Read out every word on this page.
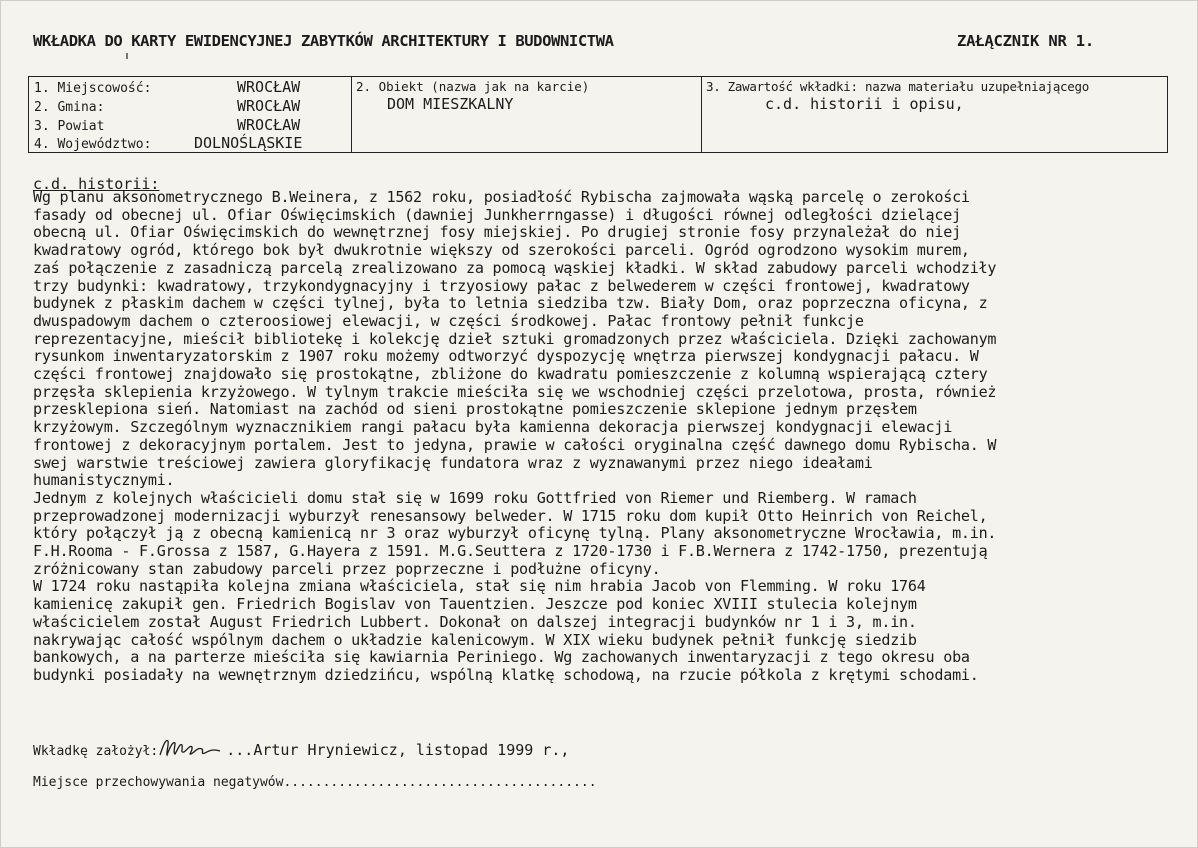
WKŁADKA DO KARTY EWIDENCYJNEJ ZABYTKÓW ARCHITEKTURY I BUDOWNICTWA	ZAŁĄCZNIK NR 1.
1. Miejscowość:	WROCŁAW
2. Gmina:	WROCŁAW
3. Powiat	WROCŁAW
4. Województwo:	DOLNOŚLĄSKIE
2. Obiekt (nazwa jak na karcie)
DOM MIESZKALNY
3. Zawartość wkładki: nazwa materiału uzupełniającego
c.d. historii i opisu,
c.d. historii:
Wg planu aksonometrycznego B.Weinera, z 1562 roku, posiadłość Rybischa zajmowała wąską parcelę o zerokości
fasady od obecnej ul. Ofiar Oświęcimskich (dawniej Junkherrngasse) i długości równej odległości dzielącej
obecną ul. Ofiar Oświęcimskich do wewnętrznej fosy miejskiej. Po drugiej stronie fosy przynależał do niej
kwadratowy ogród, którego bok był dwukrotnie większy od szerokości parceli. Ogród ogrodzono wysokim murem,
zaś połączenie z zasadniczą parcelą zrealizowano za pomocą wąskiej kładki. W skład zabudowy parceli wchodziły
trzy budynki: kwadratowy, trzykondygnacyjny i trzyosiowy pałac z belwederem w części frontowej, kwadratowy
budynek z płaskim dachem w części tylnej, była to letnia siedziba tzw. Biały Dom, oraz poprzeczna oficyna, z
dwuspadowym dachem o czteroosiowej elewacji, w części środkowej. Pałac frontowy pełnił funkcje
reprezentacyjne, mieścił bibliotekę i kolekcję dzieł sztuki gromadzonych przez właściciela. Dzięki zachowanym
rysunkom inwentaryzatorskim z 1907 roku możemy odtworzyć dyspozycję wnętrza pierwszej kondygnacji pałacu. W
części frontowej znajdowało się prostokątne, zbliżone do kwadratu pomieszczenie z kolumną wspierającą cztery
przęsła sklepienia krzyżowego. W tylnym trakcie mieściła się we wschodniej części przelotowa, prosta, również
przesklepiona sień. Natomiast na zachód od sieni prostokątne pomieszczenie sklepione jednym przęsłem
krzyżowym. Szczególnym wyznacznikiem rangi pałacu była kamienna dekoracja pierwszej kondygnacji elewacji
frontowej z dekoracyjnym portalem. Jest to jedyna, prawie w całości oryginalna część dawnego domu Rybischa. W
swej warstwie treściowej zawiera gloryfikację fundatora wraz z wyznawanymi przez niego ideałami
humanistycznymi.
Jednym z kolejnych właścicieli domu stał się w 1699 roku Gottfried von Riemer und Riemberg. W ramach
przeprowadzonej modernizacji wyburzył renesansowy belweder. W 1715 roku dom kupił Otto Heinrich von Reichel,
który połączył ją z obecną kamienicą nr 3 oraz wyburzył oficynę tylną. Plany aksonometryczne Wrocławia, m.in.
F.H.Rooma - F.Grossa z 1587, G.Hayera z 1591. M.G.Seuttera z 1720-1730 i F.B.Wernera z 1742-1750, prezentują
zróżnicowany stan zabudowy parceli przez poprzeczne i podłużne oficyny.
W 1724 roku nastąpiła kolejna zmiana właściciela, stał się nim hrabia Jacob von Flemming. W roku 1764
kamienicę zakupił gen. Friedrich Bogislav von Tauentzien. Jeszcze pod koniec XVIII stulecia kolejnym
właścicielem został August Friedrich Lubbert. Dokonał on dalszej integracji budynków nr 1 i 3, m.in.
nakrywając całość wspólnym dachem o układzie kalenicowym. W XIX wieku budynek pełnił funkcję siedzib
bankowych, a na parterze mieściła się kawiarnia Periniego. Wg zachowanych inwentaryzacji z tego okresu oba
budynki posiadały na wewnętrznym dziedzińcu, wspólną klatkę schodową, na rzucie półkola z krętymi schodami.
Wkładkę założył:	...Artur Hryniewicz, listopad 1999 r.,
Miejsce przechowywania negatywów........................................
